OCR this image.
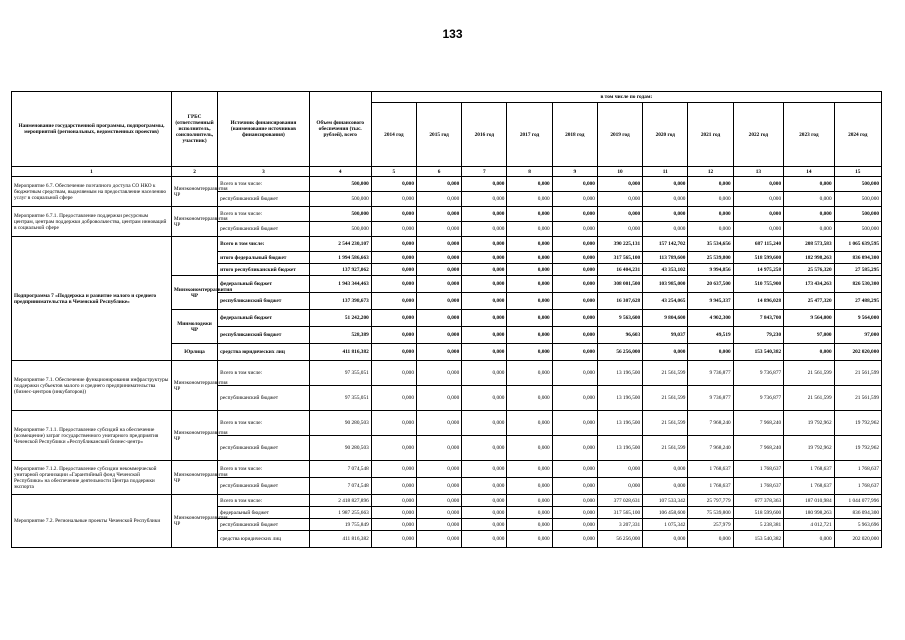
133
Наименование государственной программы, подпрограммы, мероприятий (региональных, ведомственных проектов)	ГРБС (ответственный исполнитель, соисполнитель, участник)	Источник финансирования (наименование источников финансирования)	Объем финансового обеспечения (тыс. рублей), всего	в том числе по годам:										
				2014 год	2015 год	2016 год	2017 год	2018 год	2019 год	2020 год	2021 год	2022 год	2023 год	2024 год
1	2	3	4	5	6	7	8	9	10	11	12	13	14	15
Мероприятие 6.7. Обеспечение поэтапного доступа СО НКО к бюджетным средствам, выделяемым на предоставление населению услуг в социальной сфере	Минэкономтерразвития ЧР	Всего в том числе:	500,000	0,000	0,000	0,000	0,000	0,000	0,000	0,000	0,000	0,000	0,000	500,000
		республиканский бюджет	500,000	0,000	0,000	0,000	0,000	0,000	0,000	0,000	0,000	0,000	0,000	500,000
Мероприятие 6.7.1. Предоставление поддержки ресурсным центрам, центрам поддержки добровольчества, центрам инноваций в социальной сфере	Минэкономтерразвития ЧР	Всего в том числе:	500,000	0,000	0,000	0,000	0,000	0,000	0,000	0,000	0,000	0,000	0,000	500,000
		республиканский бюджет	500,000	0,000	0,000	0,000	0,000	0,000	0,000	0,000	0,000	0,000	0,000	500,000
Подпрограмма 7 «Поддержка и развитие малого и среднего предпринимательства в Чеченской Республике»		Всего в том числе:	2 544 230,107	0,000	0,000	0,000	0,000	0,000	390 225,131	157 142,702	35 534,656	687 115,240	208 573,583	1 065 639,595
		итого федеральный бюджет	1 994 586,663	0,000	0,000	0,000	0,000	0,000	317 565,100	113 789,600	25 539,800	518 599,600	182 998,263	836 094,300
		итого республиканский бюджет	137 927,062	0,000	0,000	0,000	0,000	0,000	16 404,231	43 353,102	9 994,856	14 975,258	25 576,320	27 585,295
	Минэкономтерразвития ЧР	федеральный бюджет	1 943 344,463	0,000	0,000	0,000	0,000	0,000	308 001,500	103 985,000	20 637,500	510 755,900	173 434,263	826 530,300
		республиканский бюджет	137 398,673	0,000	0,000	0,000	0,000	0,000	16 307,628	43 254,065	9 945,337	14 896,028	25 477,320	27 488,295
	Минмолодежи ЧР	федеральный бюджет	51 242,200	0,000	0,000	0,000	0,000	0,000	9 563,600	9 804,600	4 902,300	7 843,700	9 564,000	9 564,000
		республиканский бюджет	528,389	0,000	0,000	0,000	0,000	0,000	96,603	99,037	49,519	79,230	97,000	97,000
	Юрлица	средства юридических лиц	411 816,382	0,000	0,000	0,000	0,000	0,000	56 256,000	0,000	0,000	153 540,382	0,000	202 020,000
Мероприятие 7.1. Обеспечение функционирования инфраструктуры поддержки субъектов малого и среднего предпринимательства (бизнес-центров (инкубаторов))	Минэкономтерразвития ЧР	Всего в том числе:	97 355,051	0,000	0,000	0,000	0,000	0,000	13 196,500	21 561,599	9 736,877	9 736,877	21 561,599	21 561,599
		республиканский бюджет	97 355,051	0,000	0,000	0,000	0,000	0,000	13 196,500	21 561,599	9 736,877	9 736,877	21 561,599	21 561,599
Мероприятие 7.1.1. Предоставление субсидий на обеспечение (возмещение) затрат государственного унитарного предприятия Чеченской Республики «Республиканский бизнес-центр»	Минэкономтерразвития ЧР	Всего в том числе:	90 280,503	0,000	0,000	0,000	0,000	0,000	13 196,500	21 561,599	7 968,240	7 968,240	19 792,962	19 792,962
		республиканский бюджет	90 280,503	0,000	0,000	0,000	0,000	0,000	13 196,500	21 561,599	7 968,240	7 968,240	19 792,962	19 792,962
Мероприятие 7.1.2. Предоставление субсидии некоммерческой унитарной организации «Гарантийный фонд Чеченской Республики» на обеспечение деятельности Центра поддержки экспорта	Минэкономтерразвития ЧР	Всего в том числе:	7 074,548	0,000	0,000	0,000	0,000	0,000	0,000	0,000	1 768,637	1 768,637	1 768,637	1 768,637
		республиканский бюджет	7 074,548	0,000	0,000	0,000	0,000	0,000	0,000	0,000	1 768,637	1 768,637	1 768,637	1 768,637
Мероприятие 7.2. Региональные проекты Чеченской Республики	Минэкономтерразвития ЧР	Всего в том числе:	2 418 827,896	0,000	0,000	0,000	0,000	0,000	377 028,631	107 533,342	25 797,779	677 378,363	187 010,984	1 044 077,996
		федеральный бюджет	1 987 255,663	0,000	0,000	0,000	0,000	0,000	317 565,100	106 458,600	75 539,800	518 599,600	180 998,263	836 094,300
		республиканский бюджет	19 755,849	0,000	0,000	0,000	0,000	0,000	3 207,331	1 075,342	257,979	5 238,381	4 012,721	5 963,696
		средства юридических лиц	411 816,382	0,000	0,000	0,000	0,000	0,000	56 256,000	0,000	0,000	153 540,382	0,000	202 020,000
